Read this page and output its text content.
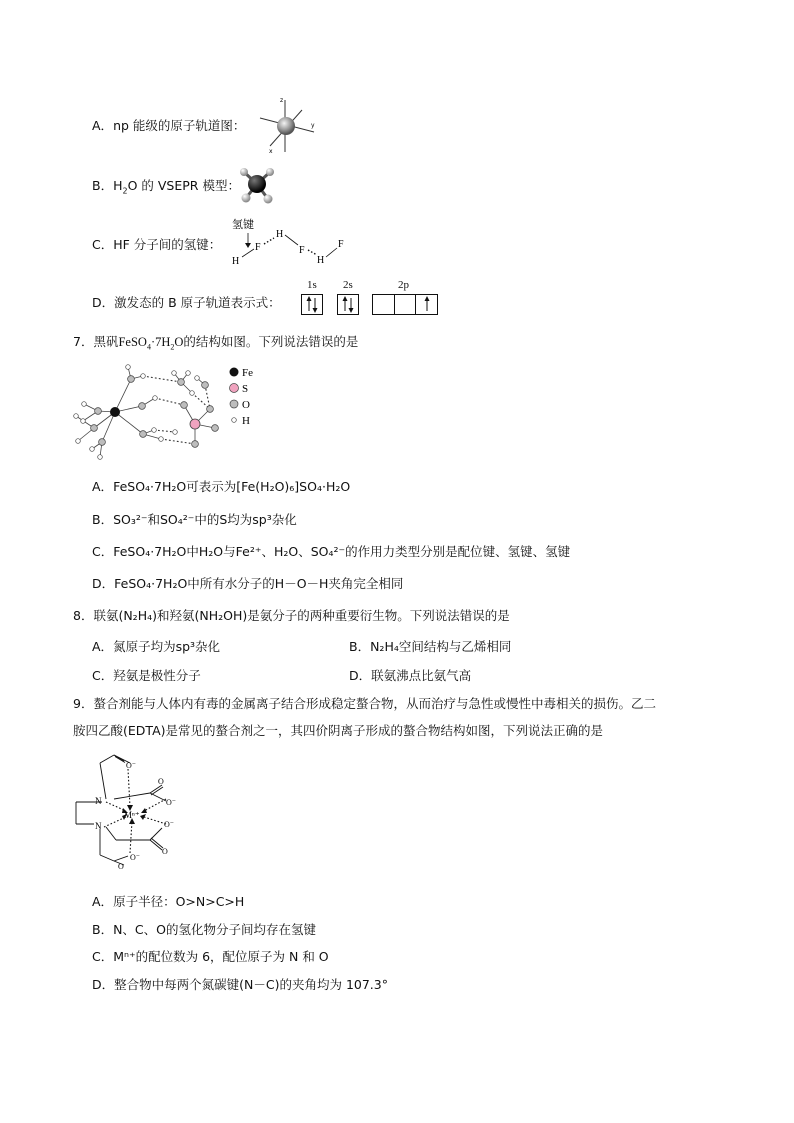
A．np 能级的原子轨道图：
z
y
x
B．$H_2O$ 的 VSEPR 模型：
C．HF 分子间的氢键：
氢键
H
F
H
F
H
F
D．激发态的 B 原子轨道表示式：
1s 2s	2p
7．黑矾$FeSO_4\cdot 7H_2O$的结构如图。下列说法错误的是
Fe
S
O
H
A．FeSO₄·7H₂O可表示为[Fe(H₂O)₆]SO₄·H₂O
B．SO₃²⁻和SO₄²⁻中的S均为sp³杂化
C．FeSO₄·7H₂O中H₂O与Fe²⁺、H₂O、SO₄²⁻的作用力类型分别是配位键、氢键、氢键
D．FeSO₄·7H₂O中所有水分子的H－O－H夹角完全相同
8．联氨(N₂H₄)和羟氨(NH₂OH)是氨分子的两种重要衍生物。下列说法错误的是
A．氮原子均为sp³杂化	B．N₂H₄空间结构与乙烯相同
C．羟氨是极性分子	D．联氨沸点比氨气高
9．螯合剂能与人体内有毒的金属离子结合形成稳定螯合物，从而治疗与急性或慢性中毒相关的损伤。乙二
胺四乙酸(EDTA)是常见的螯合剂之一，其四价阴离子形成的螯合物结构如图，下列说法正确的是
N
N
Mⁿ⁺
O⁻
O
O⁻
O⁻
O
O⁻
O
A．原子半径：O>N>C>H
B．N、C、O的氢化物分子间均存在氢键
C．Mⁿ⁺的配位数为 6，配位原子为 N 和 O
D．整合物中每两个氮碳键(N－C)的夹角均为 107.3°
